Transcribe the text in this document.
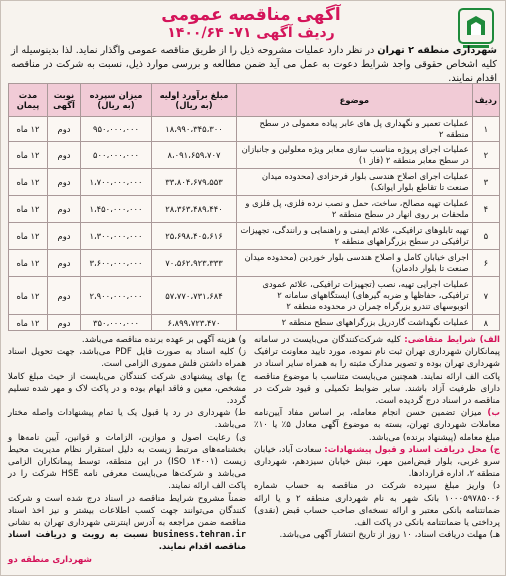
آگهی مناقصه عمومی
ردیف آگهی ۷۱- ۱۴۰۰/۶۴
شهرداری منطقه ۲ تهران در نظر دارد عملیات مشروحه ذیل را از طریق مناقصه عمومی واگذار نماید. لذا بدینوسیله از کلیه اشخاص حقوقی واجد شرایط دعوت به عمل می آید ضمن مطالعه و بررسی موارد ذیل، نسبت به شرکت در مناقصه اقدام نمایند.
ردیف	موضوع	مبلغ برآورد اولیه (به ریال)	میزان سپرده (به ریال)	نوبت آگهی	مدت پیمان
۱	عملیات تعمیر و نگهداری پل های عابر پیاده معمولی در سطح منطقه ۲	۱۸،۹۹۰،۳۴۵،۳۰۰	۹۵۰،۰۰۰،۰۰۰	دوم	۱۲ ماه
۲	عملیات اجرای پروژه مناسب سازی معابر ویژه معلولین و جانبازان در سطح معابر منطقه ۲ (فاز ۱)	۸،۰۹۱،۶۵۹،۷۰۷	۵۰۰،۰۰۰،۰۰۰	دوم	۱۲ ماه
۳	عملیات اجرای اصلاح هندسی بلوار فرحزادی (محدوده میدان صنعت تا تقاطع بلوار ایوانک)	۳۳،۸۰۴،۶۷۹،۵۵۳	۱،۷۰۰،۰۰۰،۰۰۰	دوم	۱۲ ماه
۴	عملیات تهیه مصالح، ساخت، حمل و نصب نرده فلزی، پل فلزی و ملحقات بر روی انهار در سطح منطقه ۲	۲۸،۳۶۳،۴۸۹،۴۴۰	۱،۴۵۰،۰۰۰،۰۰۰	دوم	۱۲ ماه
۵	تهیه تابلوهای ترافیکی، علائم ایمنی و راهنمایی و رانندگی، تجهیزات ترافیکی در سطح بزرگراههای منطقه ۲	۲۵،۶۹۸،۴۰۵،۶۱۶	۱،۳۰۰،۰۰۰،۰۰۰	دوم	۱۲ ماه
۶	اجرای خیابان کامل و اصلاح هندسی بلوار خوردین (محدوده میدان صنعت تا بلوار دادمان)	۷۰،۵۶۲،۹۲۳،۳۳۳	۳،۶۰۰،۰۰۰،۰۰۰	دوم	۱۲ ماه
۷	عملیات اجرایی تهیه، نصب (تجهیزات ترافیکی، علائم عمودی ترافیکی، حفاظها و ضربه گیرهای) ایستگاههای سامانه ۲ اتوبوسهای تندرو بزرگراه چمران در محدوده منطقه ۲	۵۷،۷۷۰،۷۳۱،۶۸۴	۲،۹۰۰،۰۰۰،۰۰۰	دوم	۱۲ ماه
۸	عملیات نگهداشت گاردریل بزرگراههای سطح منطقه ۲	۶،۸۹۹،۷۲۳،۴۷۰	۳۵۰،۰۰۰،۰۰۰	دوم	۱۲ ماه
الف) شرایط متقاضی: کلیه شرکت‌کنندگان می‌بایست در سامانه پیمانکاران شهرداری تهران ثبت نام نموده، مورد تایید معاونت ترافیک شهرداری تهران بوده و تصویر مدارک مثبته را به همراه سایر اسناد در پاکت الف ارائه نمایند. همچنین می‌بایست متناسب با موضوع مناقصه دارای ظرفیت آزاد باشند. سایر ضوابط تکمیلی و قیود شرکت در مناقصه در اسناد درج گردیده است.
ب) میزان تضمین حسن انجام معامله، بر اساس مفاد آیین‌نامه معاملات شهرداری تهران، بسته به موضوع آگهی معادل ۵٪ یا ۱۰٪ مبلغ معامله (پیشنهاد برنده) می‌باشد.
ج) محل دریافت اسناد و قبول پیشنهادات: سعادت آباد، خیابان سرو غربی، بلوار فیض‌امین مهر، نبش خیابان سیزدهم، شهرداری منطقه ۲، اداره قراردادها.
د) واریز مبلغ سپرده شرکت در مناقصه به حساب شماره ۱۰۰۰۵۹۷۸۵۰۰۶ بانک شهر به نام شهرداری منطقه ۲ و یا ارائه ضمانتنامه بانکی معتبر و ارائه نسخه‌ای صاحب حساب قبض (نقدی) پرداختی یا ضمانتنامه بانکی در پاکت الف.
هـ) مهلت دریافت اسناد، ۱۰ روز از تاریخ انتشار آگهی می‌باشد.
و) هزینه آگهی بر عهده برنده مناقصه می‌باشد.
ز) کلیه اسناد به صورت فایل PDF می‌باشد، جهت تحویل اسناد همراه داشتن فلش مموری الزامی است.
ح) بهای پیشنهادی شرکت کنندگان می‌بایست از حیث مبلغ کاملا مشخص، معین و فاقد ابهام بوده و در پاکت لاک و مهر شده تسلیم گردد.
ط) شهرداری در رد یا قبول یک یا تمام پیشنهادات واصله مختار می‌باشد.
ی) رعایت اصول و موازین، الزامات و قوانین، آیین نامه‌ها و بخشنامه‌های مرتبط زیست به دلیل استقرار نظام مدیریت محیط زیست (۱۴۰۰۱ ISO) در این منطقه، توسط پیمانکاران الزامی می‌باشد و شرکت‌ها می‌بایست معرفی نامه HSE شرکت را در پاکت الف ارائه نمایند.
ضمناً مشروح شرایط مناقصه در اسناد درج شده است و شرکت کنندگان می‌توانند جهت کسب اطلاعات بیشتر و نیز اخذ اسناد مناقصه ضمن مراجعه به آدرس اینترنتی شهرداری تهران به نشانی business.tehran.ir نسبت به رویت و دریافت اسناد مناقصه اقدام نمایند.
شهرداری منطقه دو
